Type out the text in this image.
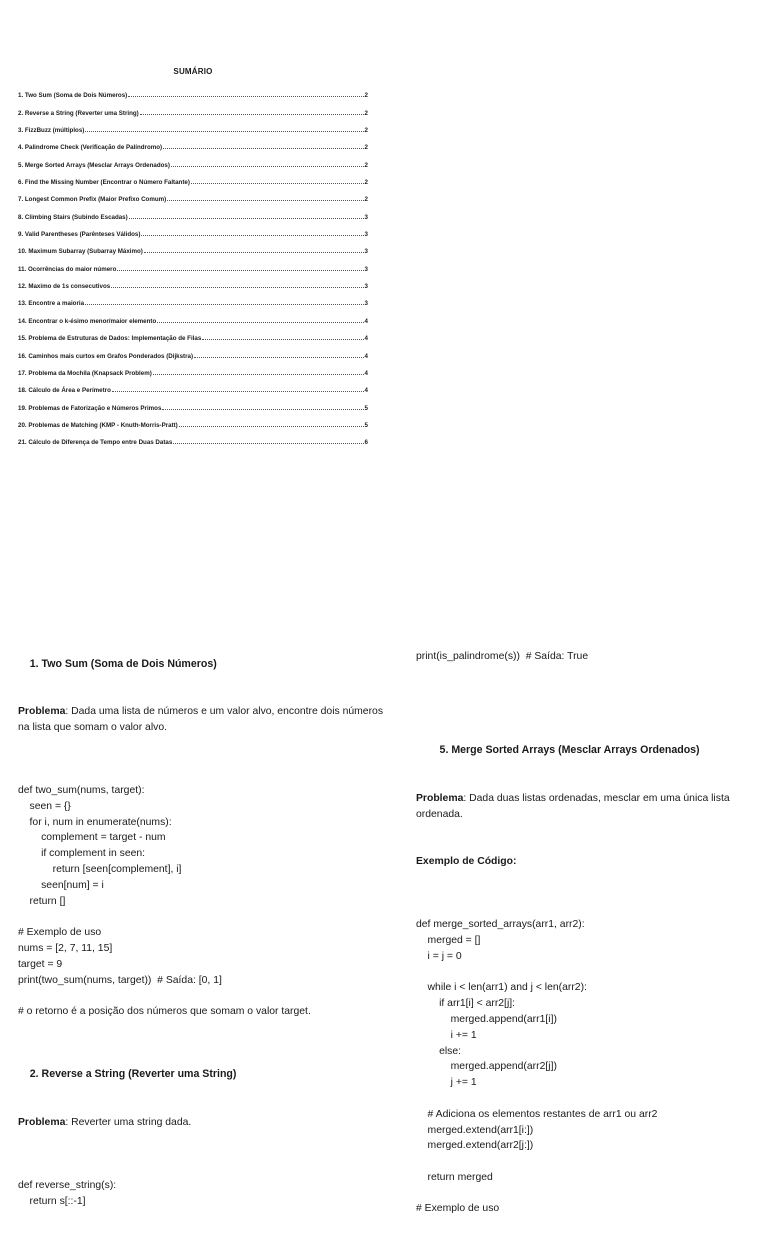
SUMÁRIO
1. Two Sum (Soma de Dois Números)	2
2. Reverse a String (Reverter uma String)	2
3. FizzBuzz (múltiplos)	2
4. Palindrome Check (Verificação de Palíndromo)	2
5. Merge Sorted Arrays (Mesclar Arrays Ordenados)	2
6. Find the Missing Number (Encontrar o Número Faltante)	2
7. Longest Common Prefix (Maior Prefixo Comum)	2
8. Climbing Stairs (Subindo Escadas)	3
9. Valid Parentheses (Parênteses Válidos)	3
10. Maximum Subarray (Subarray Máximo)	3
11. Ocorrências do maior número	3
12. Maximo de 1s consecutivos	3
13. Encontre a maioria	3
14. Encontrar o k-ésimo menor/maior elemento	4
15. Problema de Estruturas de Dados: Implementação de Filas	4
16. Caminhos mais curtos em Grafos Ponderados (Dijkstra)	4
17. Problema da Mochila (Knapsack Problem)	4
18. Cálculo de Área e Perímetro	4
19. Problemas de Fatorização e Números Primos	5
20. Problemas de Matching (KMP - Knuth-Morris-Pratt)	5
21. Cálculo de Diferença de Tempo entre Duas Datas	6

1. Two Sum (Soma de Dois Números)

Problema: Dada uma lista de números e um valor alvo, encontre dois números na lista que somam o valor alvo.

def two_sum(nums, target):
seen = {}
for i, num in enumerate(nums):
complement = target - num
if complement in seen:
return [seen[complement], i]
seen[num] = i
return []
# Exemplo de uso
nums = [2, 7, 11, 15]
target = 9
print(two_sum(nums, target))  # Saída: [0, 1]
# o retorno é a posição dos números que somam o valor target.

2. Reverse a String (Reverter uma String)

Problema: Reverter uma string dada.

def reverse_string(s):
return s[::-1]

print(is_palindrome(s))  # Saída: True

5. Merge Sorted Arrays (Mesclar Arrays Ordenados)

Problema: Dada duas listas ordenadas, mesclar em uma única lista ordenada.

Exemplo de Código:

def merge_sorted_arrays(arr1, arr2):
merged = []
i = j = 0
while i < len(arr1) and j < len(arr2):
if arr1[i] < arr2[j]:
merged.append(arr1[i])
i += 1
else:
merged.append(arr2[j])
j += 1
# Adiciona os elementos restantes de arr1 ou arr2
merged.extend(arr1[i:])
merged.extend(arr2[j:])
return merged
# Exemplo de uso
